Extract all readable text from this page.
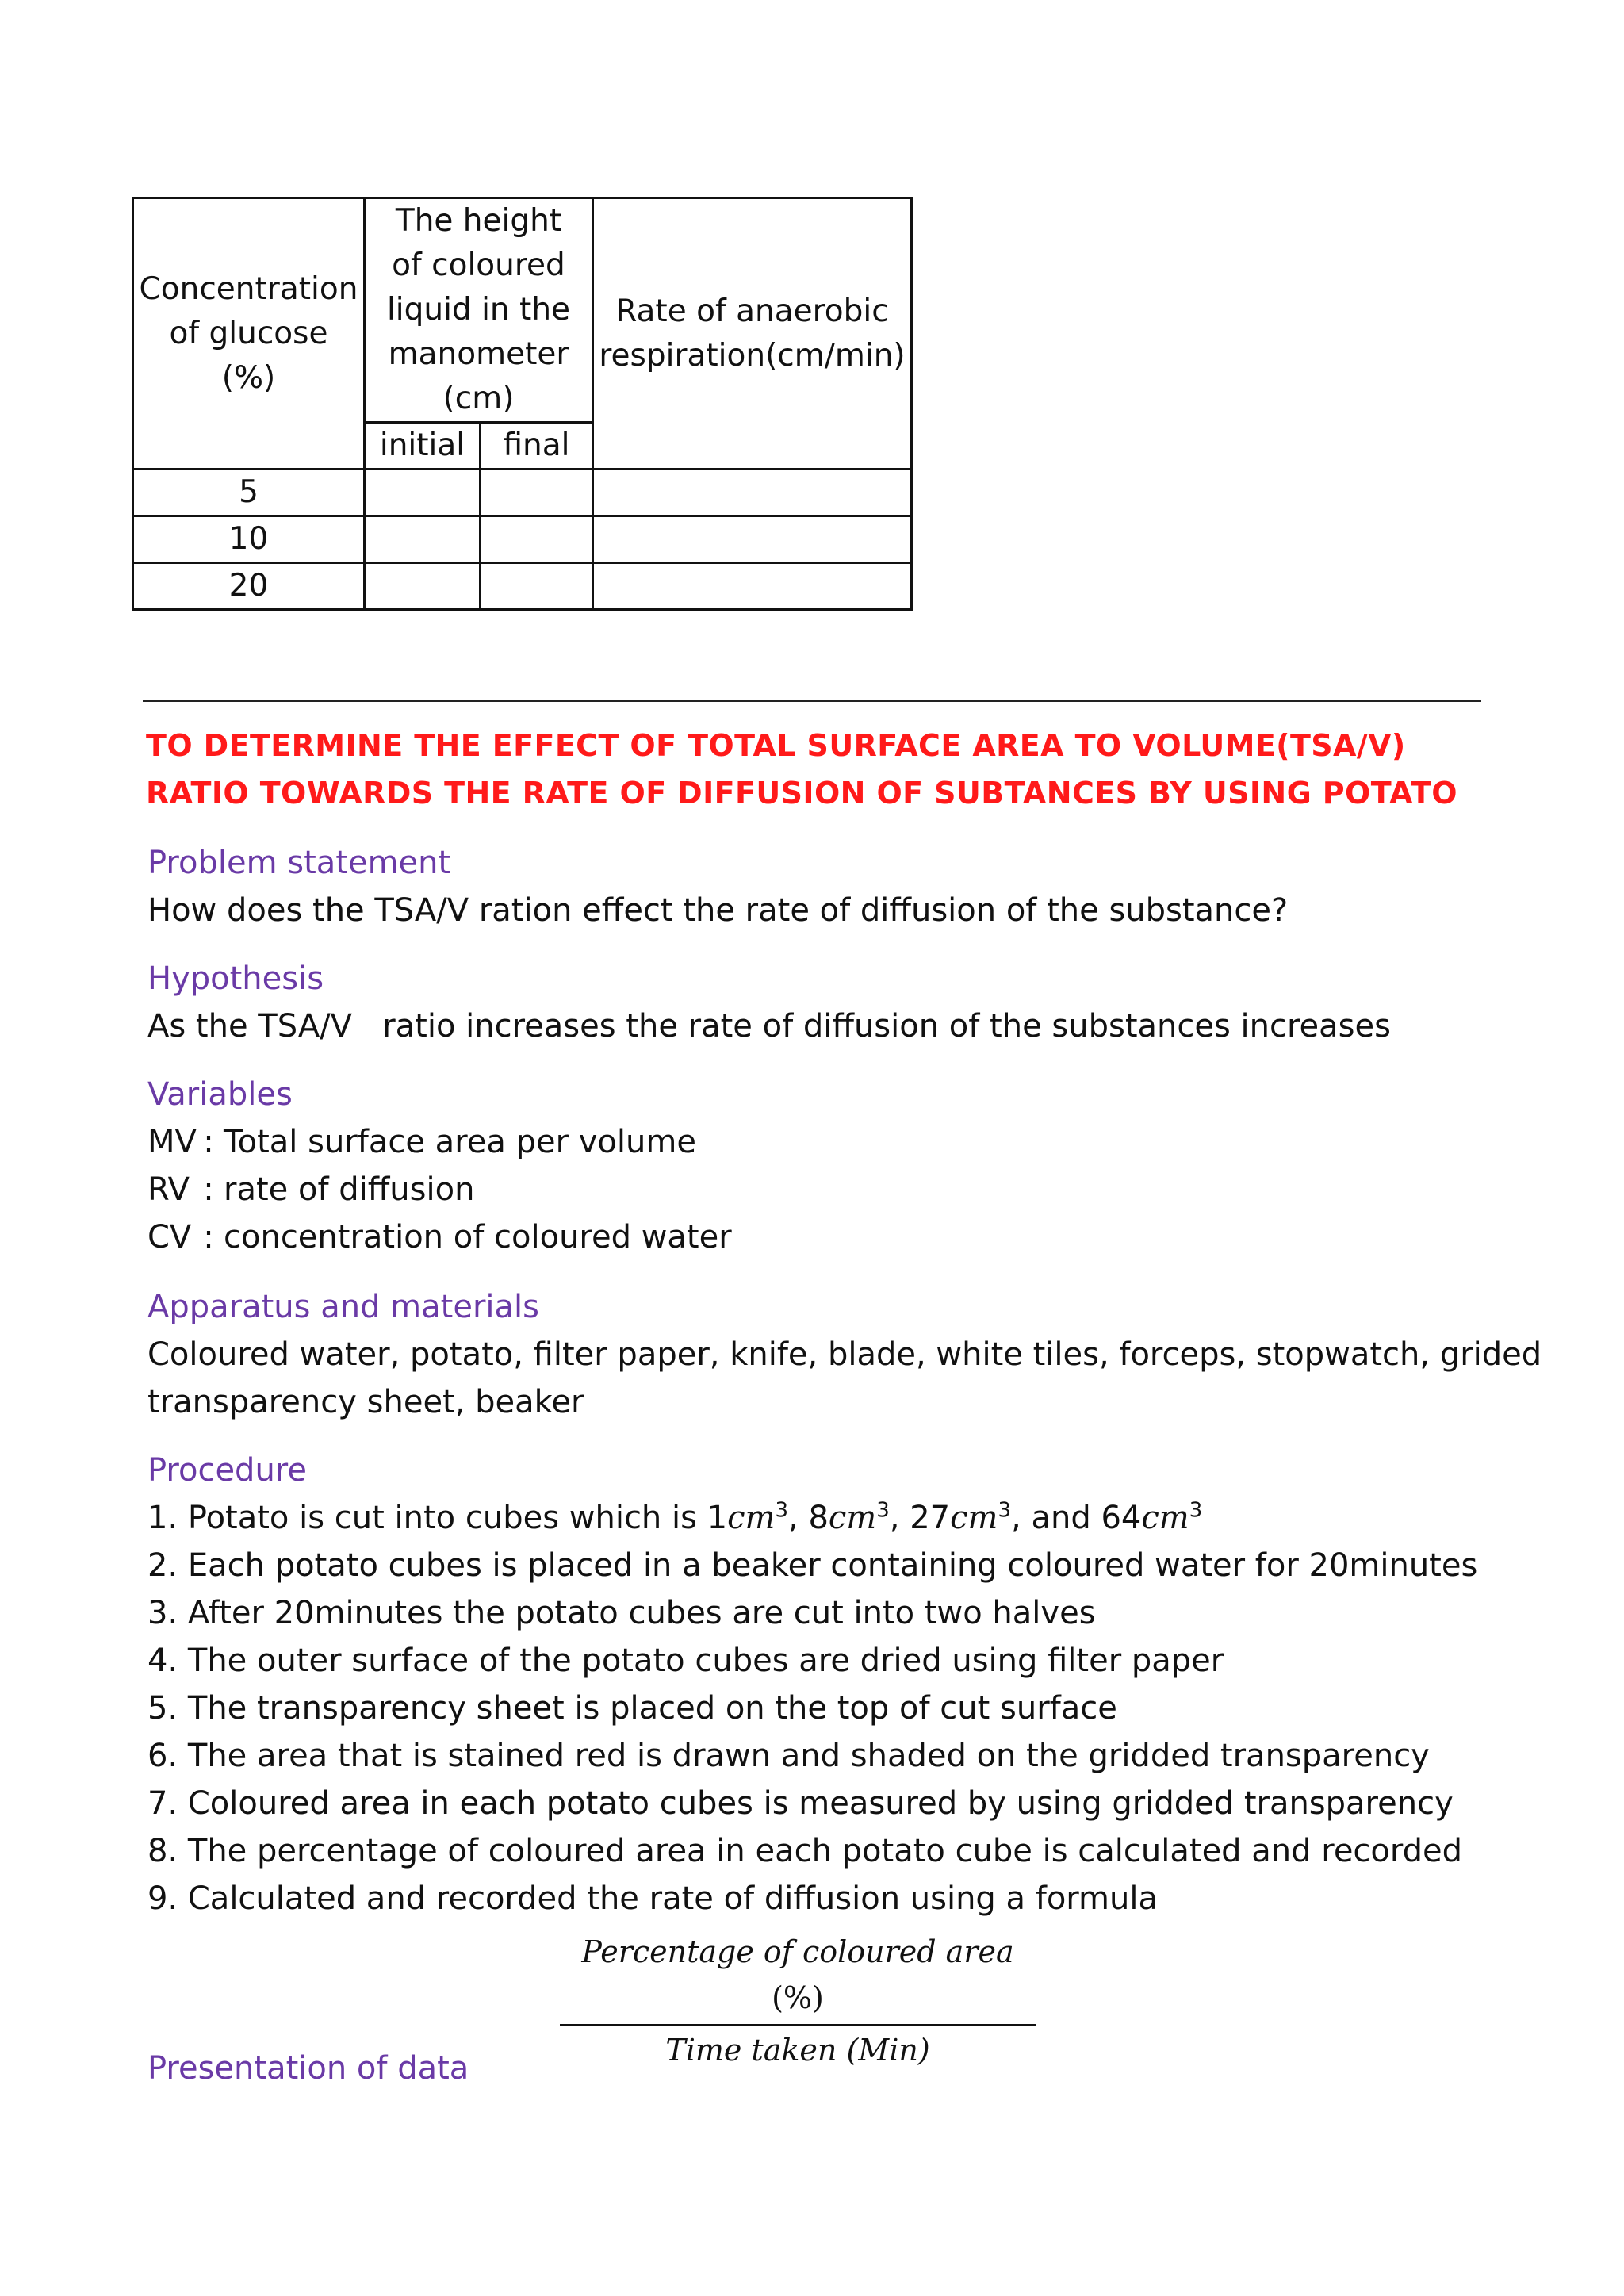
Concentration
of glucose
(%)	The height
of coloured
liquid in the
manometer
(cm)		Rate of anaerobic
respiration(cm/min)

	initial	final	
5			
10			
20			
TO DETERMINE THE EFFECT OF TOTAL SURFACE AREA TO VOLUME(TSA/V)
RATIO TOWARDS THE RATE OF DIFFUSION OF SUBTANCES BY USING POTATO
Problem statement
How does the TSA/V ration effect the rate of diffusion of the substance?
Hypothesis
As the TSA/V   ratio increases the rate of diffusion of the substances increases
Variables
MV : Total surface area per volume
RV : rate of diffusion
CV : concentration of coloured water
Apparatus and materials
Coloured water, potato, filter paper, knife, blade, white tiles, forceps, stopwatch, grided
transparency sheet, beaker
Procedure
1. Potato is cut into cubes which is $1cm^3$, $8cm^3$, $27cm^3$, and $64cm^3$
2. Each potato cubes is placed in a beaker containing coloured water for 20minutes
3. After 20minutes the potato cubes are cut into two halves
4. The outer surface of the potato cubes are dried using filter paper
5. The transparency sheet is placed on the top of cut surface
6. The area that is stained red is drawn and shaded on the gridded transparency
7. Coloured area in each potato cubes is measured by using gridded transparency
8. The percentage of coloured area in each potato cube is calculated and recorded
9. Calculated and recorded the rate of diffusion using a formula
Percentage of coloured area (%)
Time taken (Min)
Presentation of data
